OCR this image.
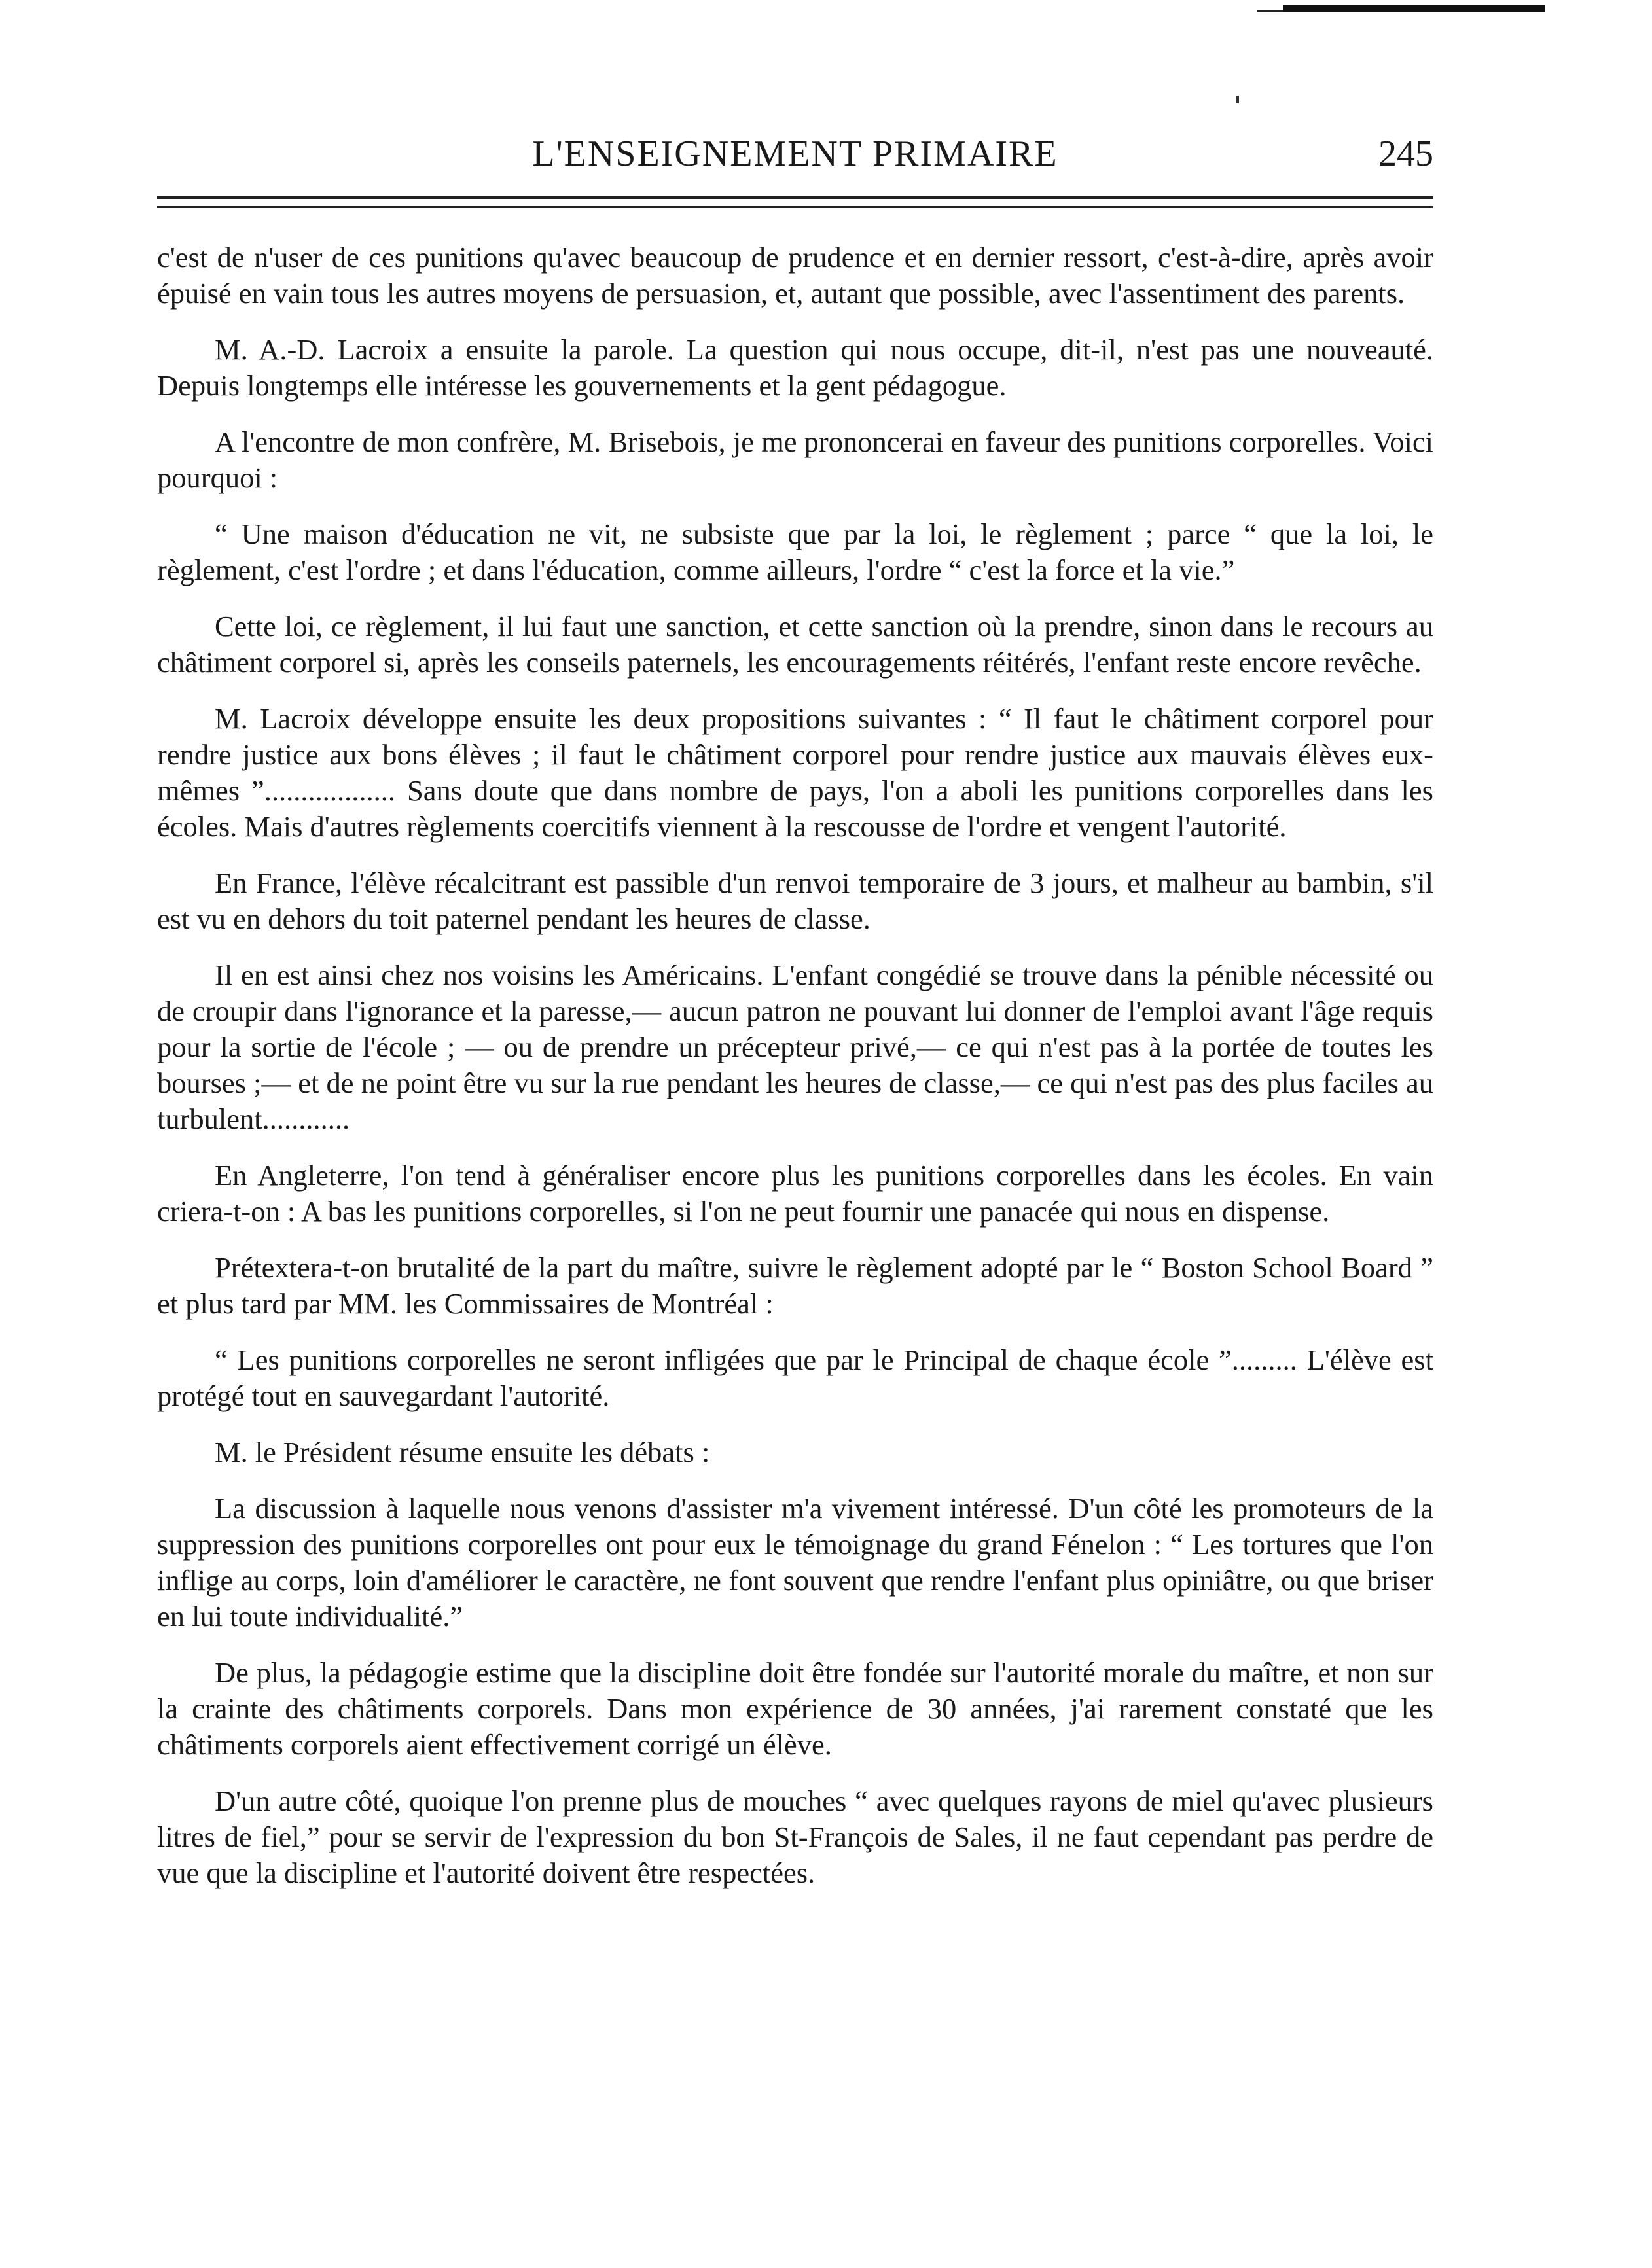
L'ENSEIGNEMENT PRIMAIRE	245

c'est de n'user de ces punitions qu'avec beaucoup de prudence et en dernier ressort, c'est-à-dire, après avoir épuisé en vain tous les autres moyens de persuasion, et, autant que possible, avec l'assentiment des parents.

M. A.-D. Lacroix a ensuite la parole. La question qui nous occupe, dit-il, n'est pas une nouveauté. Depuis longtemps elle intéresse les gouvernements et la gent pédagogue.

A l'encontre de mon confrère, M. Brisebois, je me prononcerai en faveur des punitions corporelles. Voici pourquoi :

“ Une maison d'éducation ne vit, ne subsiste que par la loi, le règlement ; parce “ que la loi, le règlement, c'est l'ordre ; et dans l'éducation, comme ailleurs, l'ordre “ c'est la force et la vie.”

Cette loi, ce règlement, il lui faut une sanction, et cette sanction où la prendre, sinon dans le recours au châtiment corporel si, après les conseils paternels, les encouragements réitérés, l'enfant reste encore revêche.

M. Lacroix développe ensuite les deux propositions suivantes : “ Il faut le châtiment corporel pour rendre justice aux bons élèves ; il faut le châtiment corporel pour rendre justice aux mauvais élèves eux-mêmes ”.................. Sans doute que dans nombre de pays, l'on a aboli les punitions corporelles dans les écoles. Mais d'autres règlements coercitifs viennent à la rescousse de l'ordre et vengent l'autorité.

En France, l'élève récalcitrant est passible d'un renvoi temporaire de 3 jours, et malheur au bambin, s'il est vu en dehors du toit paternel pendant les heures de classe.

Il en est ainsi chez nos voisins les Américains. L'enfant congédié se trouve dans la pénible nécessité ou de croupir dans l'ignorance et la paresse,— aucun patron ne pouvant lui donner de l'emploi avant l'âge requis pour la sortie de l'école ; — ou de prendre un précepteur privé,— ce qui n'est pas à la portée de toutes les bourses ;— et de ne point être vu sur la rue pendant les heures de classe,— ce qui n'est pas des plus faciles au turbulent............

En Angleterre, l'on tend à généraliser encore plus les punitions corporelles dans les écoles. En vain criera-t-on : A bas les punitions corporelles, si l'on ne peut fournir une panacée qui nous en dispense.

Prétextera-t-on brutalité de la part du maître, suivre le règlement adopté par le “ Boston School Board ” et plus tard par MM. les Commissaires de Montréal :

“ Les punitions corporelles ne seront infligées que par le Principal de chaque école ”......... L'élève est protégé tout en sauvegardant l'autorité.

M. le Président résume ensuite les débats :

La discussion à laquelle nous venons d'assister m'a vivement intéressé. D'un côté les promoteurs de la suppression des punitions corporelles ont pour eux le témoignage du grand Fénelon : “ Les tortures que l'on inflige au corps, loin d'améliorer le caractère, ne font souvent que rendre l'enfant plus opiniâtre, ou que briser en lui toute individualité.”

De plus, la pédagogie estime que la discipline doit être fondée sur l'autorité morale du maître, et non sur la crainte des châtiments corporels. Dans mon expérience de 30 années, j'ai rarement constaté que les châtiments corporels aient effectivement corrigé un élève.

D'un autre côté, quoique l'on prenne plus de mouches “ avec quelques rayons de miel qu'avec plusieurs litres de fiel,” pour se servir de l'expression du bon St-François de Sales, il ne faut cependant pas perdre de vue que la discipline et l'autorité doivent être respectées.
